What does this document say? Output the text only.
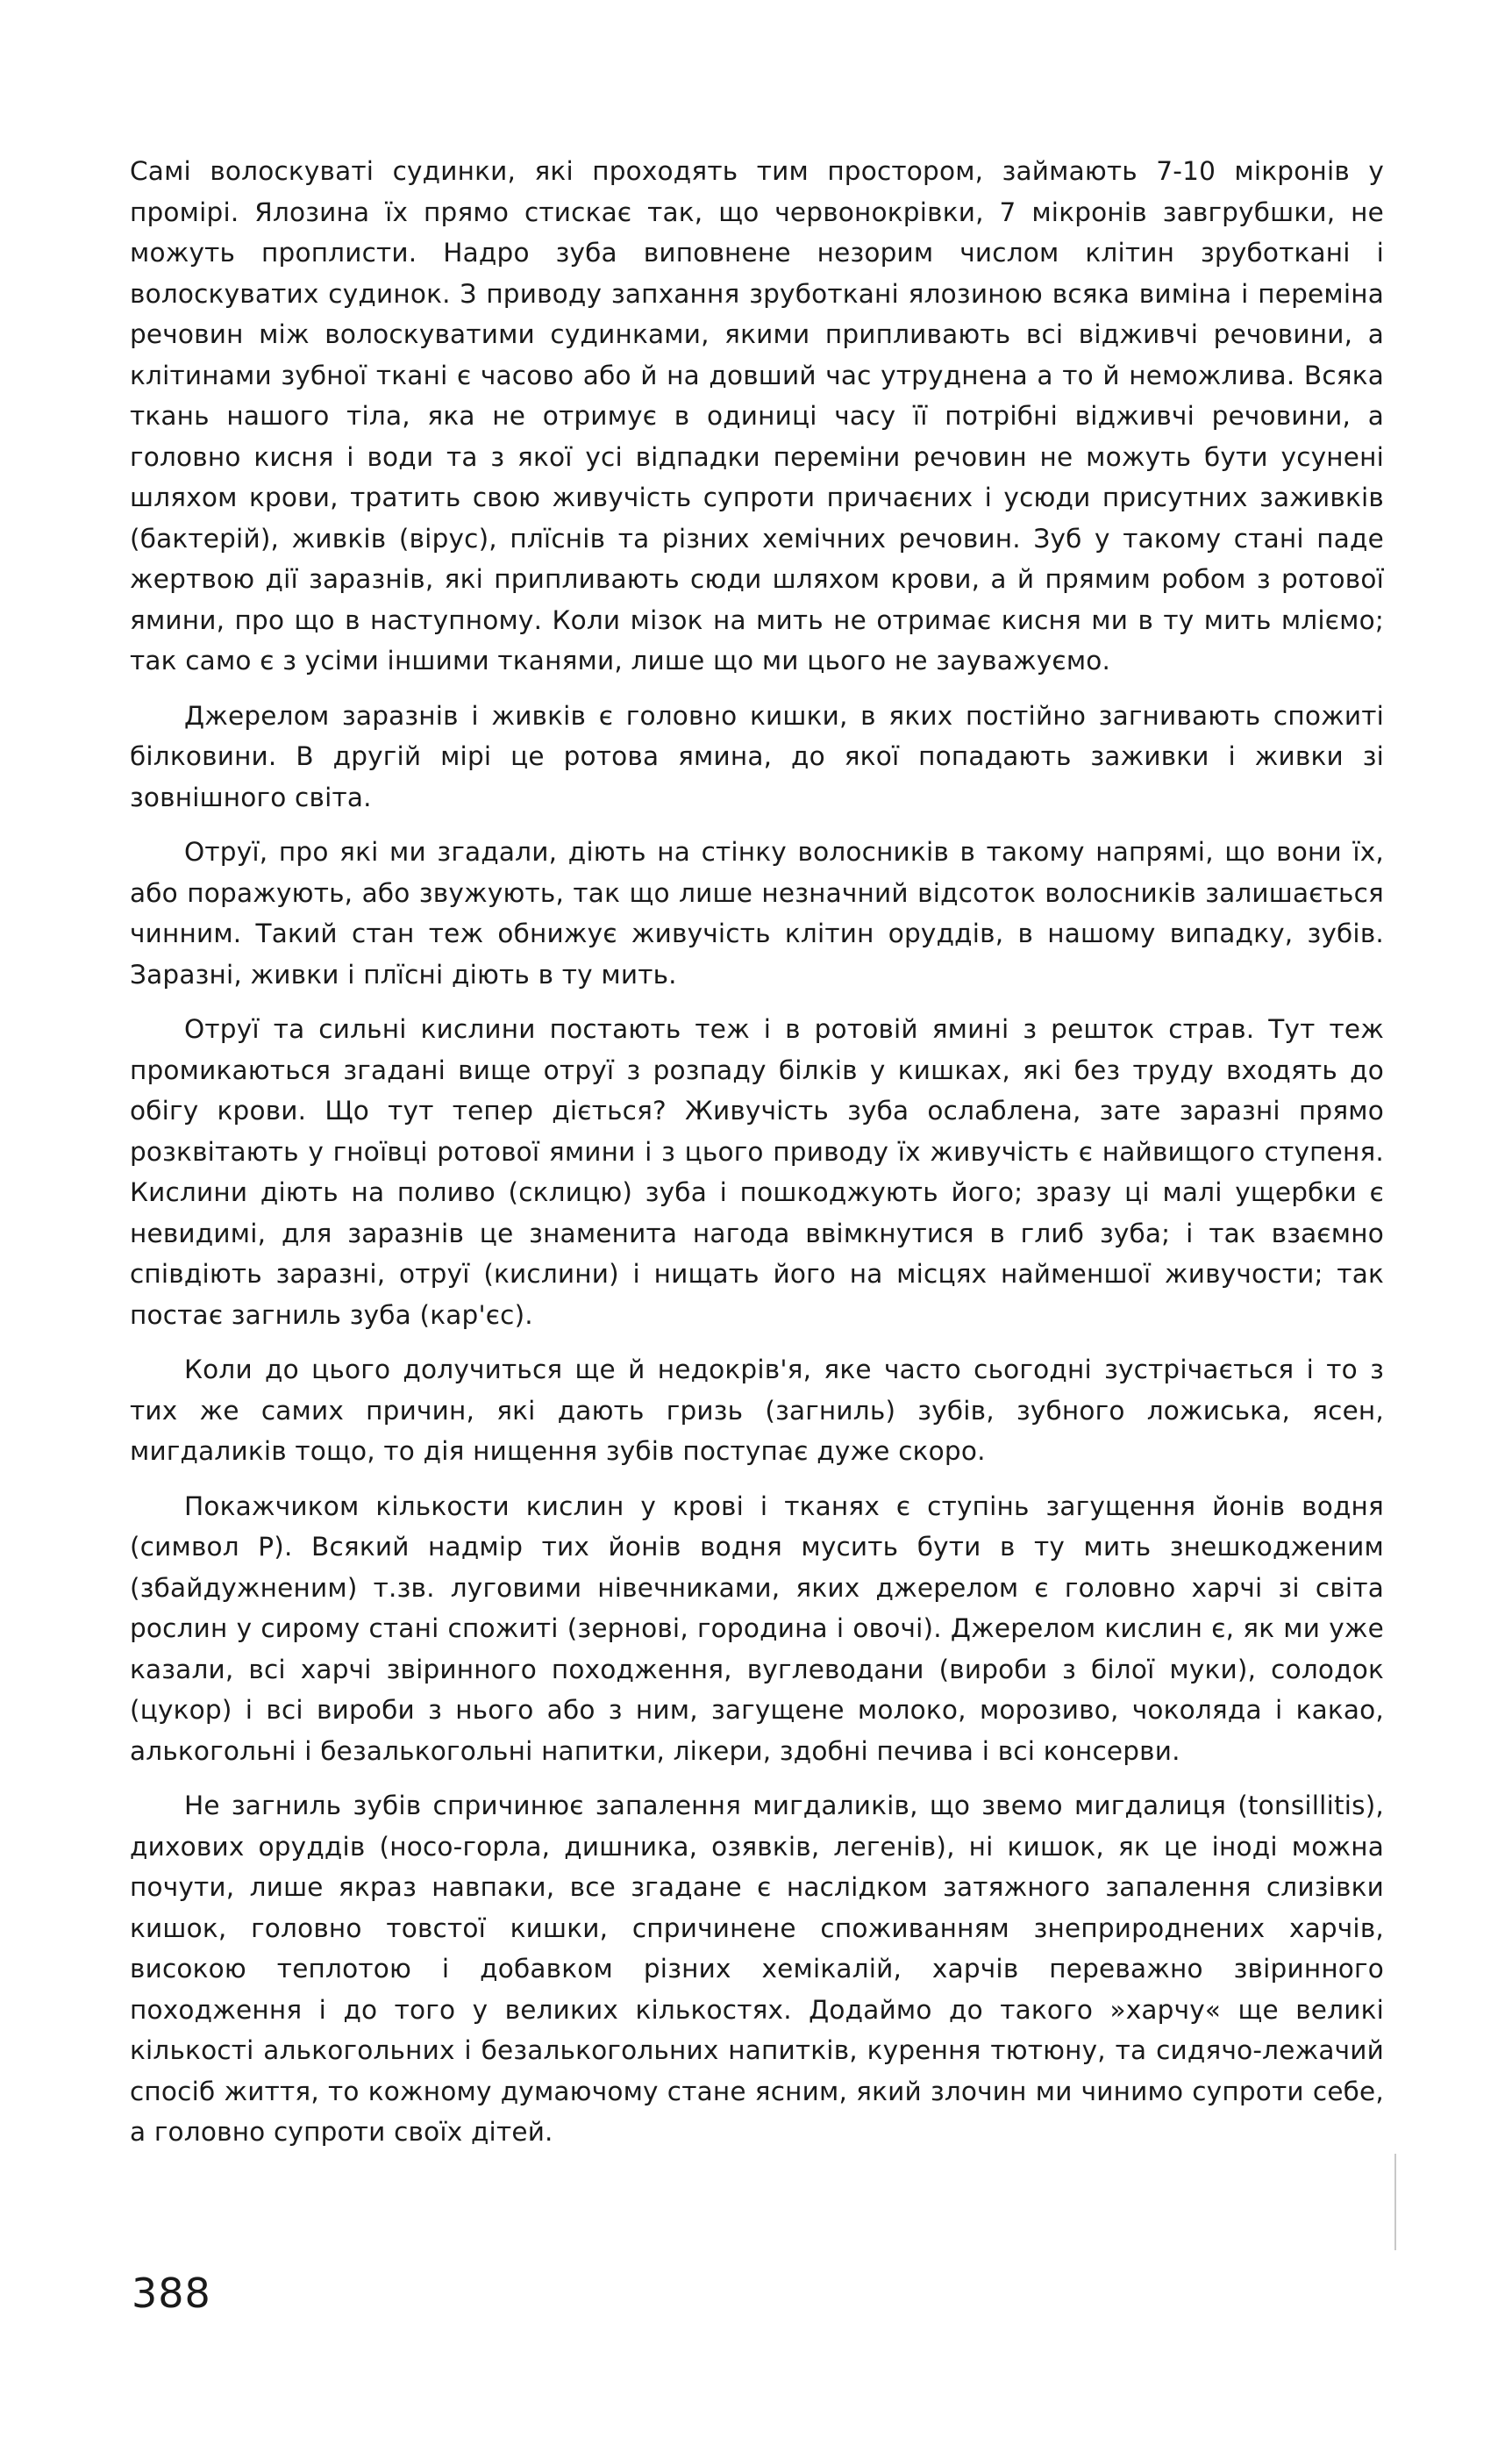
Самі волоскуваті судинки, які проходять тим простором, займають 7-10 мікронів у промірі. Ялозина їх прямо стискає так, що червонокрівки, 7 мікронів завгрубшки, не можуть проплисти. Надро зуба виповнене незорим числом клітин зруботкані і волоскуватих судинок. З приводу запхання зруботкані ялозиною всяка виміна і переміна речовин між волоскуватими судинками, якими припливають всі відживчі речовини, а клітинами зубної ткані є часово або й на довший час утруднена а то й неможлива. Всяка ткань нашого тіла, яка не отримує в одиниці часу її потрібні відживчі речовини, а головно кисня і води та з якої усі відпадки переміни речовин не можуть бути усунені шляхом крови, тратить свою живучість супроти причаєних і усюди присутних заживків (бактерій), живків (вірус), плїснів та різних хемічних речовин. Зуб у такому стані паде жертвою дії заразнів, які припливають сюди шляхом крови, а й прямим робом з ротової ямини, про що в наступному. Коли мізок на мить не отримає кисня ми в ту мить мліємо; так само є з усіми іншими тканями, лише що ми цього не зауважуємо.

Джерелом заразнів і живків є головно кишки, в яких постійно загнивають спожиті білковини. В другій мірі це ротова ямина, до якої попадають заживки і живки зі зовнішного світа.

Отруї, про які ми згадали, діють на стінку волосників в такому напрямі, що вони їх, або поражують, або звужують, так що лише незначний відсоток волосників залишається чинним. Такий стан теж обнижує живучість клітин оруддів, в нашому випадку, зубів. Заразні, живки і плїсні діють в ту мить.

Отруї та сильні кислини постають теж і в ротовій ямині з решток страв. Тут теж промикаються згадані вище отруї з розпаду білків у кишках, які без труду входять до обігу крови. Що тут тепер діється? Живучість зуба ослаблена, зате заразні прямо розквітають у гноївці ротової ямини і з цього приводу їх живучість є найвищого ступеня. Кислини діють на поливо (склицю) зуба і пошкоджують його; зразу ці малі ущербки є невидимі, для заразнів це знаменита нагода ввімкнутися в глиб зуба; і так взаємно співдіють заразні, отруї (кислини) і нищать його на місцях найменшої живучости; так постає загниль зуба (кар'єс).

Коли до цього долучиться ще й недокрів'я, яке часто сьогодні зустрічається і то з тих же самих причин, які дають гризь (загниль) зубів, зубного ложиська, ясен, мигдаликів тощо, то дія нищення зубів поступає дуже скоро.

Покажчиком кількости кислин у крові і тканях є ступінь загущення йонів водня (символ P). Всякий надмір тих йонів водня мусить бути в ту мить знешкодженим (збайдужненим) т.зв. луговими нівечниками, яких джерелом є головно харчі зі світа рослин у сирому стані спожиті (зернові, городина і овочі). Джерелом кислин є, як ми уже казали, всі харчі звіринного походження, вуглеводани (вироби з білої муки), солодок (цукор) і всі вироби з нього або з ним, загущене молоко, морозиво, чоколяда і какао, алькогольні і безалькогольні напитки, лікери, здобні печива і всі консерви.

Не загниль зубів спричинює запалення мигдаликів, що звемо мигдалиця (tonsillitis), дихових оруддів (носо-горла, дишника, озявків, легенів), ні кишок, як це іноді можна почути, лише якраз навпаки, все згадане є наслідком затяжного запалення слизівки кишок, головно товстої кишки, спричинене споживанням знеприроднених харчів, високою теплотою і добавком різних хемікалій, харчів переважно звіринного походження і до того у великих кількостях. Додаймо до такого »харчу« ще великі кількості алькогольних і безалькогольних напитків, курення тютюну, та сидячо-лежачий спосіб життя, то кожному думаючому стане ясним, який злочин ми чинимо супроти себе, а головно супроти своїх дітей.

388
